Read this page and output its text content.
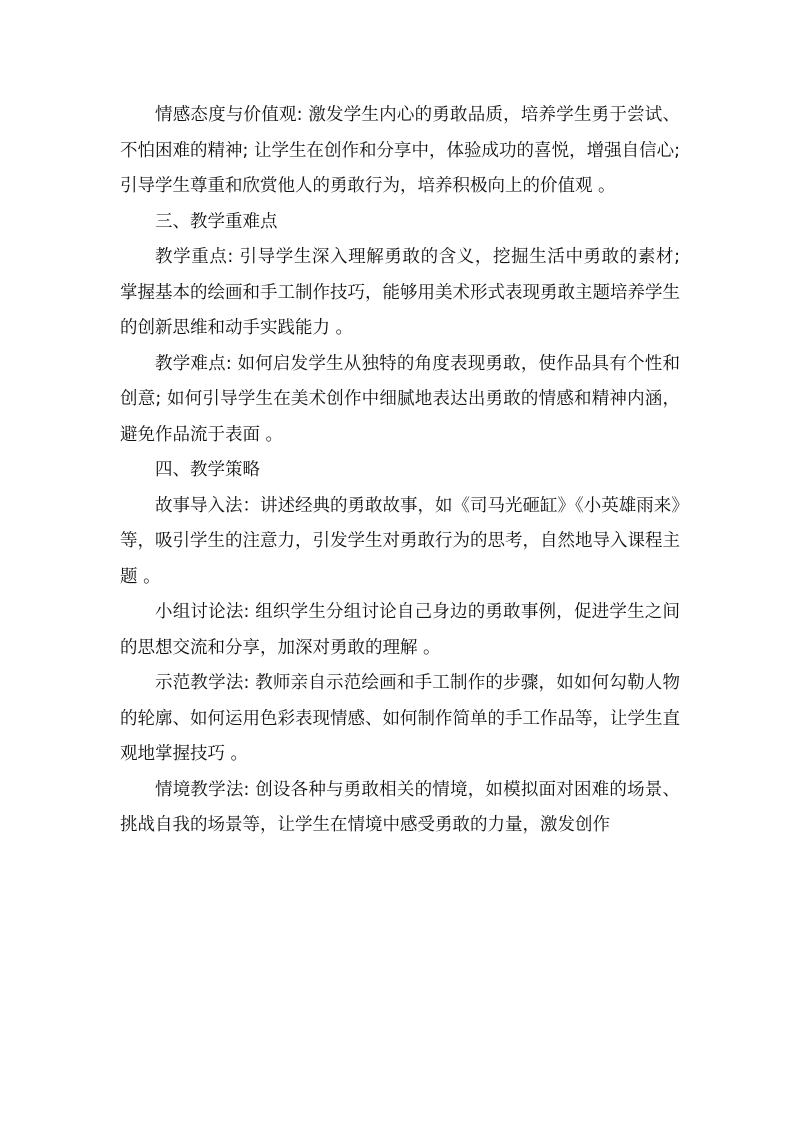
情感态度与价值观: 激发学生内心的勇敢品质，培养学生勇于尝试、不怕困难的精神; 让学生在创作和分享中，体验成功的喜悦，增强自信心; 引导学生尊重和欣赏他人的勇敢行为，培养积极向上的价值观 。

三、教学重难点

教学重点: 引导学生深入理解勇敢的含义，挖掘生活中勇敢的素材; 掌握基本的绘画和手工制作技巧，能够用美术形式表现勇敢主题培养学生的创新思维和动手实践能力 。

教学难点: 如何启发学生从独特的角度表现勇敢，使作品具有个性和创意; 如何引导学生在美术创作中细腻地表达出勇敢的情感和精神内涵，避免作品流于表面 。

四、教学策略

故事导入法：讲述经典的勇敢故事，如《司马光砸缸》《小英雄雨来》等，吸引学生的注意力，引发学生对勇敢行为的思考，自然地导入课程主题 。

小组讨论法: 组织学生分组讨论自己身边的勇敢事例，促进学生之间的思想交流和分享，加深对勇敢的理解 。

示范教学法: 教师亲自示范绘画和手工制作的步骤，如如何勾勒人物的轮廓、如何运用色彩表现情感、如何制作简单的手工作品等，让学生直观地掌握技巧 。

情境教学法: 创设各种与勇敢相关的情境，如模拟面对困难的场景、挑战自我的场景等，让学生在情境中感受勇敢的力量，激发创作
